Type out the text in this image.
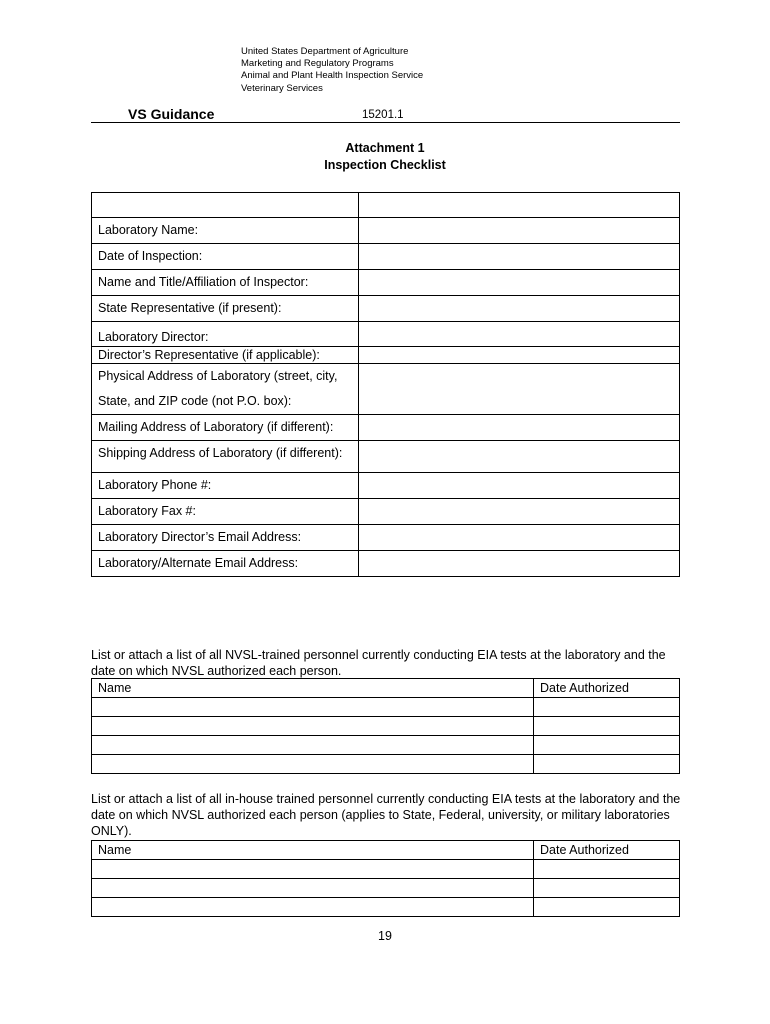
United States Department of Agriculture
Marketing and Regulatory Programs
Animal and Plant Health Inspection Service
Veterinary Services
VS Guidance	15201.1
Attachment 1
Inspection Checklist

Laboratory Name:	
Date of Inspection:	
Name and Title/Affiliation of Inspector:	
State Representative (if present):	
Laboratory Director:	
Director’s Representative (if applicable):	
Physical Address of Laboratory (street, city, State, and ZIP code (not P.O. box):	
Mailing Address of Laboratory (if different):	
Shipping Address of Laboratory (if different):	
Laboratory Phone #:	
Laboratory Fax #:	
Laboratory Director’s Email Address:	
Laboratory/Alternate Email Address:	
List or attach a list of all NVSL-trained personnel currently conducting EIA tests at the laboratory and the date on which NVSL authorized each person.
Name	Date Authorized

List or attach a list of all in-house trained personnel currently conducting EIA tests at the laboratory and the date on which NVSL authorized each person (applies to State, Federal, university, or military laboratories ONLY).
Name	Date Authorized

19
